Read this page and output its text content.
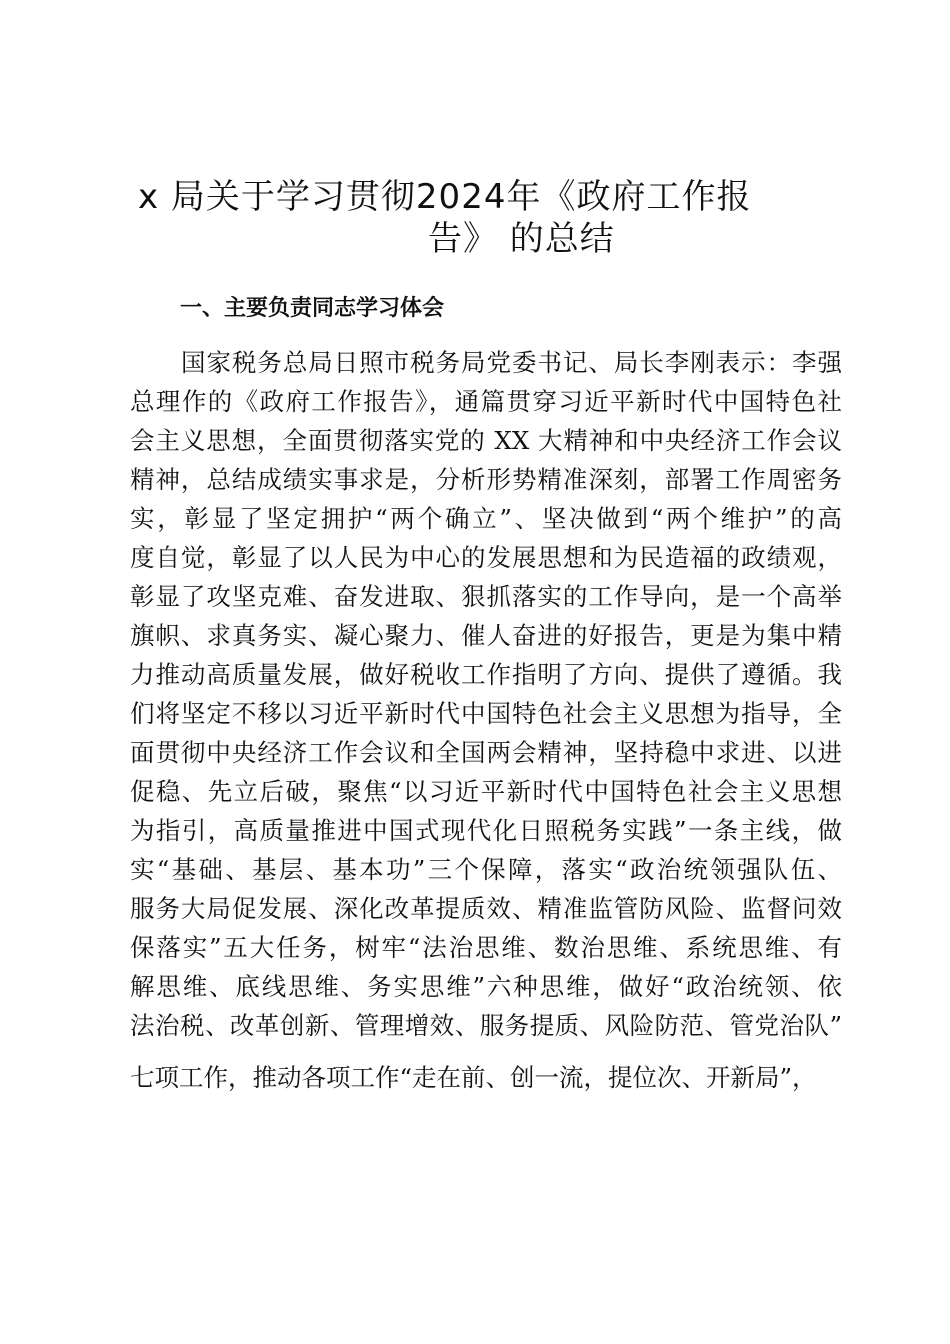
x 局关于学习贯彻2024年《政府工作报
告》 的总结
一、主要负责同志学习体会
国家税务总局日照市税务局党委书记、局长李刚表示：李强
总理作的《政府工作报告》，通篇贯穿习近平新时代中国特色社
会主义思想，全面贯彻落实党的 XX 大精神和中央经济工作会议
精神，总结成绩实事求是，分析形势精准深刻，部署工作周密务
实，彰显了坚定拥护“两个确立”、坚决做到“两个维护”的高
度自觉，彰显了以人民为中心的发展思想和为民造福的政绩观，
彰显了攻坚克难、奋发进取、狠抓落实的工作导向，是一个高举
旗帜、求真务实、凝心聚力、催人奋进的好报告，更是为集中精
力推动高质量发展，做好税收工作指明了方向、提供了遵循。我
们将坚定不移以习近平新时代中国特色社会主义思想为指导，全
面贯彻中央经济工作会议和全国两会精神，坚持稳中求进、以进
促稳、先立后破，聚焦“以习近平新时代中国特色社会主义思想
为指引，高质量推进中国式现代化日照税务实践”一条主线，做
实“基础、基层、基本功”三个保障，落实“政治统领强队伍、
服务大局促发展、深化改革提质效、精准监管防风险、监督问效
保落实”五大任务，树牢“法治思维、数治思维、系统思维、有
解思维、底线思维、务实思维”六种思维，做好“政治统领、依
法治税、改革创新、管理增效、服务提质、风险防范、管党治队”
七项工作，推动各项工作“走在前、创一流，提位次、开新局”，
